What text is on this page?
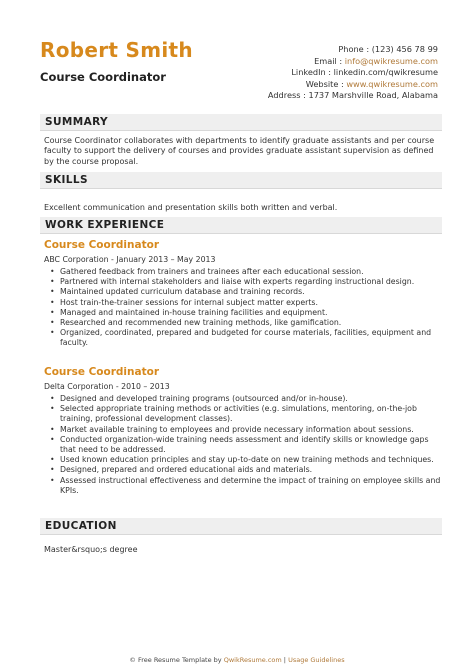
Robert Smith
Course Coordinator
Phone : (123) 456 78 99
Email : info@qwikresume.com
LinkedIn : linkedin.com/qwikresume
Website : www.qwikresume.com
Address : 1737 Marshville Road, Alabama
SUMMARY
Course Coordinator collaborates with departments to identify graduate assistants and per course faculty to support the delivery of courses and provides graduate assistant supervision as defined by the course proposal.
SKILLS
Excellent communication and presentation skills both written and verbal.
WORK EXPERIENCE
Course Coordinator
ABC Corporation - January 2013 – May 2013
• Gathered feedback from trainers and trainees after each educational session.
• Partnered with internal stakeholders and liaise with experts regarding instructional design.
• Maintained updated curriculum database and training records.
• Host train-the-trainer sessions for internal subject matter experts.
• Managed and maintained in-house training facilities and equipment.
• Researched and recommended new training methods, like gamification.
• Organized, coordinated, prepared and budgeted for course materials, facilities, equipment and faculty.
Course Coordinator
Delta Corporation - 2010 – 2013
• Designed and developed training programs (outsourced and/or in-house).
• Selected appropriate training methods or activities (e.g. simulations, mentoring, on-the-job training, professional development classes).
• Market available training to employees and provide necessary information about sessions.
• Conducted organization-wide training needs assessment and identify skills or knowledge gaps that need to be addressed.
• Used known education principles and stay up-to-date on new training methods and techniques.
• Designed, prepared and ordered educational aids and materials.
• Assessed instructional effectiveness and determine the impact of training on employee skills and KPIs.
EDUCATION
Master&rsquo;s degree
© Free Resume Template by QwikResume.com | Usage Guidelines
